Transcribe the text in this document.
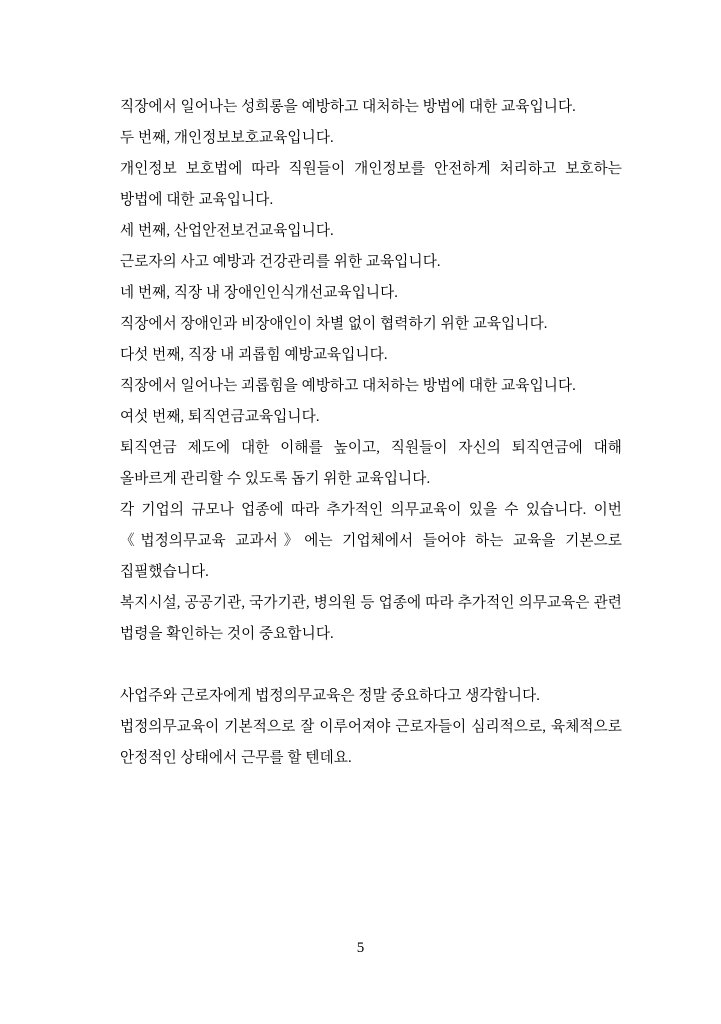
직장에서 일어나는 성희롱을 예방하고 대처하는 방법에 대한 교육입니다.

두 번째, 개인정보보호교육입니다.

개인정보 보호법에 따라 직원들이 개인정보를 안전하게 처리하고 보호하는 방법에 대한 교육입니다.

세 번째, 산업안전보건교육입니다.

근로자의 사고 예방과 건강관리를 위한 교육입니다.

네 번째, 직장 내 장애인인식개선교육입니다.

직장에서 장애인과 비장애인이 차별 없이 협력하기 위한 교육입니다.

다섯 번째, 직장 내 괴롭힘 예방교육입니다.

직장에서 일어나는 괴롭힘을 예방하고 대처하는 방법에 대한 교육입니다.

여섯 번째, 퇴직연금교육입니다.

퇴직연금 제도에 대한 이해를 높이고, 직원들이 자신의 퇴직연금에 대해 올바르게 관리할 수 있도록 돕기 위한 교육입니다.

각 기업의 규모나 업종에 따라 추가적인 의무교육이 있을 수 있습니다. 이번 《법정의무교육 교과서》에는 기업체에서 들어야 하는 교육을 기본으로 집필했습니다.

복지시설, 공공기관, 국가기관, 병의원 등 업종에 따라 추가적인 의무교육은 관련 법령을 확인하는 것이 중요합니다.

사업주와 근로자에게 법정의무교육은 정말 중요하다고 생각합니다.

법정의무교육이 기본적으로 잘 이루어져야 근로자들이 심리적으로, 육체적으로 안정적인 상태에서 근무를 할 텐데요.

5
